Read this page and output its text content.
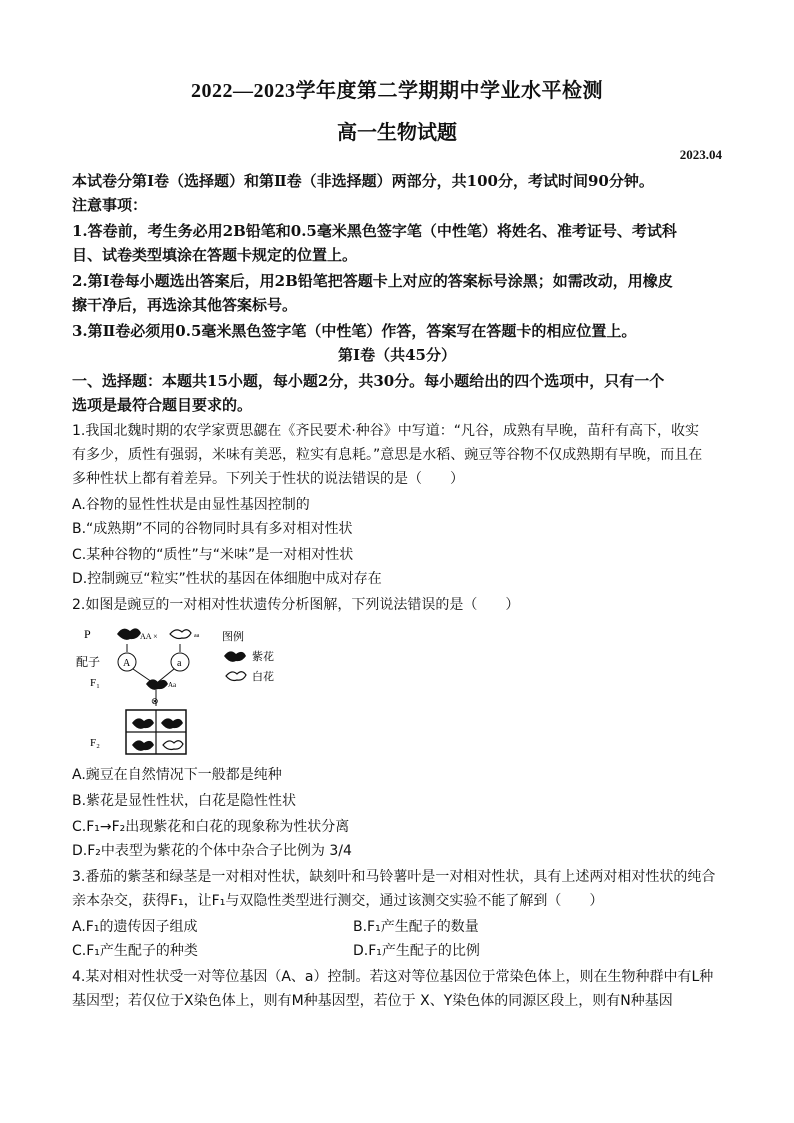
2022—2023学年度第二学期期中学业水平检测
高一生物试题
2023.04
本试卷分第Ⅰ卷（选择题）和第Ⅱ卷（非选择题）两部分，共100分，考试时间90分钟。
注意事项：
1.答卷前，考生务必用2B铅笔和0.5毫米黑色签字笔（中性笔）将姓名、准考证号、考试科
目、试卷类型填涂在答题卡规定的位置上。
2.第Ⅰ卷每小题选出答案后，用2B铅笔把答题卡上对应的答案标号涂黑；如需改动，用橡皮
擦干净后，再选涂其他答案标号。
3.第Ⅱ卷必须用0.5毫米黑色签字笔（中性笔）作答，答案写在答题卡的相应位置上。
第Ⅰ卷（共45分）
一、选择题：本题共15小题，每小题2分，共30分。每小题给出的四个选项中，只有一个
选项是最符合题目要求的。
1.我国北魏时期的农学家贾思勰在《齐民要术·种谷》中写道：“凡谷，成熟有早晚，苗秆有高下，收实
有多少，质性有强弱，米味有美恶，粒实有息耗。”意思是水稻、豌豆等谷物不仅成熟期有早晚，而且在
多种性状上都有着差异。下列关于性状的说法错误的是（　　）
A.谷物的显性性状是由显性基因控制的
B.“成熟期”不同的谷物同时具有多对相对性状
C.某种谷物的“质性”与“米味”是一对相对性状
D.控制豌豆“粒实”性状的基因在体细胞中成对存在
2.如图是豌豆的一对相对性状遗传分析图解，下列说法错误的是（　　）
P	AA ×	aa 图例
紫花
白花
配子 A	a
F₁	Aa
⊗
F₂
A.豌豆在自然情况下一般都是纯种
B.紫花是显性性状，白花是隐性性状
C.F₁→F₂出现紫花和白花的现象称为性状分离
D.F₂中表型为紫花的个体中杂合子比例为 3/4
3.番茄的紫茎和绿茎是一对相对性状，缺刻叶和马铃薯叶是一对相对性状，具有上述两对相对性状的纯合
亲本杂交，获得F₁，让F₁与双隐性类型进行测交，通过该测交实验不能了解到（　　）
A.F₁的遗传因子组成	B.F₁产生配子的数量
C.F₁产生配子的种类	D.F₁产生配子的比例
4.某对相对性状受一对等位基因（A、a）控制。若这对等位基因位于常染色体上，则在生物种群中有L种
基因型；若仅位于X染色体上，则有M种基因型，若位于 X、Y染色体的同源区段上，则有N种基因
